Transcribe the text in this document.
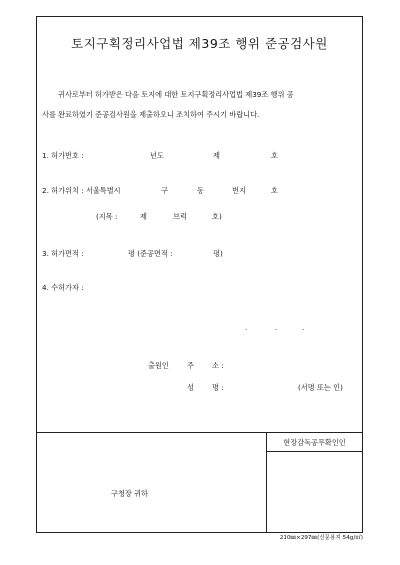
토지구획정리사업법 제39조 행위 준공검사원
귀사로부터 허가받은 다음 토지에 대한 토지구획정리사업법 제39조 행위 공
사를 완료하였기 준공검사원을 제출하오니 조치하여 주시기 바랍니다.
1. 허가번호 :	년도	제	호
2. 허가위치 : 서울특별시	구	동	번지	호
(지목 :	제	브럭	호)
3. 허가면적 :	평 (준공면적 :	평)
4. 수허가자 :
·	·	·
출원인	주	소 :
성	명 :	(서명 또는 인)
구청장 귀하
현장감독공무확인인
210㎜×297㎜(신문용지 54g/㎡)
